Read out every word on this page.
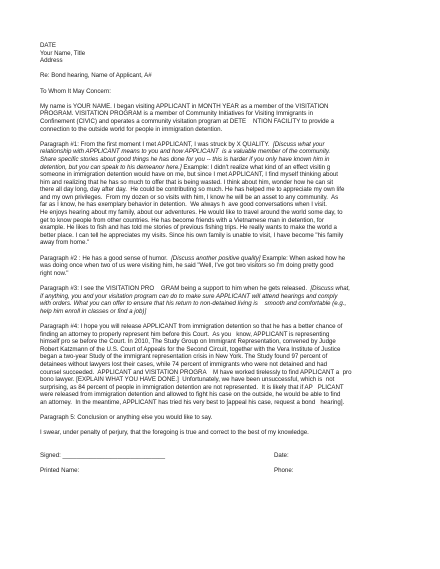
DATE
Your Name, Title
Address
Re: Bond hearing, Name of Applicant, A#
To Whom It May Concern:
My name is YOUR NAME. I began visiting APPLICANT in MONTH YEAR as a member of the VISITATION
PROGRAM. VISITATION PROGRAM is a member of Community Initiatives for Visiting Immigrants in
Confinement (CIVIC) and operates a community visitation program at DETE    NTION FACILITY to provide a
connection to the outside world for people in immigration detention.
Paragraph #1: From the first moment I met APPLICANT, I was struck by X QUALITY.  [Discuss what your
relationship with APPLICANT means to you and how APPLICANT  is a valuable member of the community.
Share specific stories about good things he has done for you -- this is harder if you only have known him in
detention, but you can speak to his demeanor here.] Example: I didn't realize what kind of an effect visitin g
someone in immigration detention would have on me, but since I met APPLICANT, I find myself thinking about
him and realizing that he has so much to offer that is being wasted. I think about him, wonder how he can sit
there all day long, day after day.  He could be contributing so much. He has helped me to appreciate my own life
and my own privileges.  From my dozen or so visits with him, I know he will be an asset to any community.  As
far as I know, he has exemplary behavior in detention.  We always h  ave good conversations when I visit.
He enjoys hearing about my family, about our adventures. He would like to travel around the world some day, to
get to know people from other countries. He has become friends with a Vietnamese man in detention, for
example. He likes to fish and has told me stories of previous fishing trips. He really wants to make the world a
better place. I can tell he appreciates my visits. Since his own family is unable to visit, I have become "his family
away from home."
Paragraph #2 : He has a good sense of humor.  [Discuss another positive quality] Example: When asked how he
was doing once when two of us were visiting him, he said "Well, I've got two visitors so I'm doing pretty good
right now."
Paragraph #3: I see the VISITATION PRO    GRAM being a support to him when he gets released.  [Discuss what,
if anything, you and your visitation program can do to make sure APPLICANT will attend hearings and comply
with orders. What you can offer to ensure that his return to non-detained living is    smooth and comfortable (e.g.,
help him enroll in classes or find a job)]
Paragraph #4: I hope you will release APPLICANT from immigration detention so that he has a better chance of
finding an attorney to properly represent him before this Court.  As you   know, APPLICANT is representing
himself pro se before the Court. In 2010, The Study Group on Immigrant Representation, convened by Judge
Robert Katzmann of the U.S. Court of Appeals for the Second Circuit, together with the Vera Institute of Justice
began a two-year Study of the immigrant representation crisis in New York. The Study found 97 percent of
detainees without lawyers lost their cases, while 74 percent of immigrants who were not detained and had
counsel succeeded.  APPLICANT and VISITATION PROGRA    M have worked tirelessly to find APPLICANT a  pro
bono lawyer. [EXPLAIN WHAT YOU HAVE DONE.]  Unfortunately, we have been unsuccessful, which is  not
surprising, as 84 percent of people in immigration detention are not represented.  It is likely that if AP   PLICANT
were released from immigration detention and allowed to fight his case on the outside, he would be able to find
an attorney.  In the meantime, APPLICANT has tried his very best to [appeal his case, request a bond   hearing].
Paragraph 5: Conclusion or anything else you would like to say.
I swear, under penalty of perjury, that the foregoing is true and correct to the best of my knowledge.
Signed: ______________________________	Date:
Printed Name:	Phone:
